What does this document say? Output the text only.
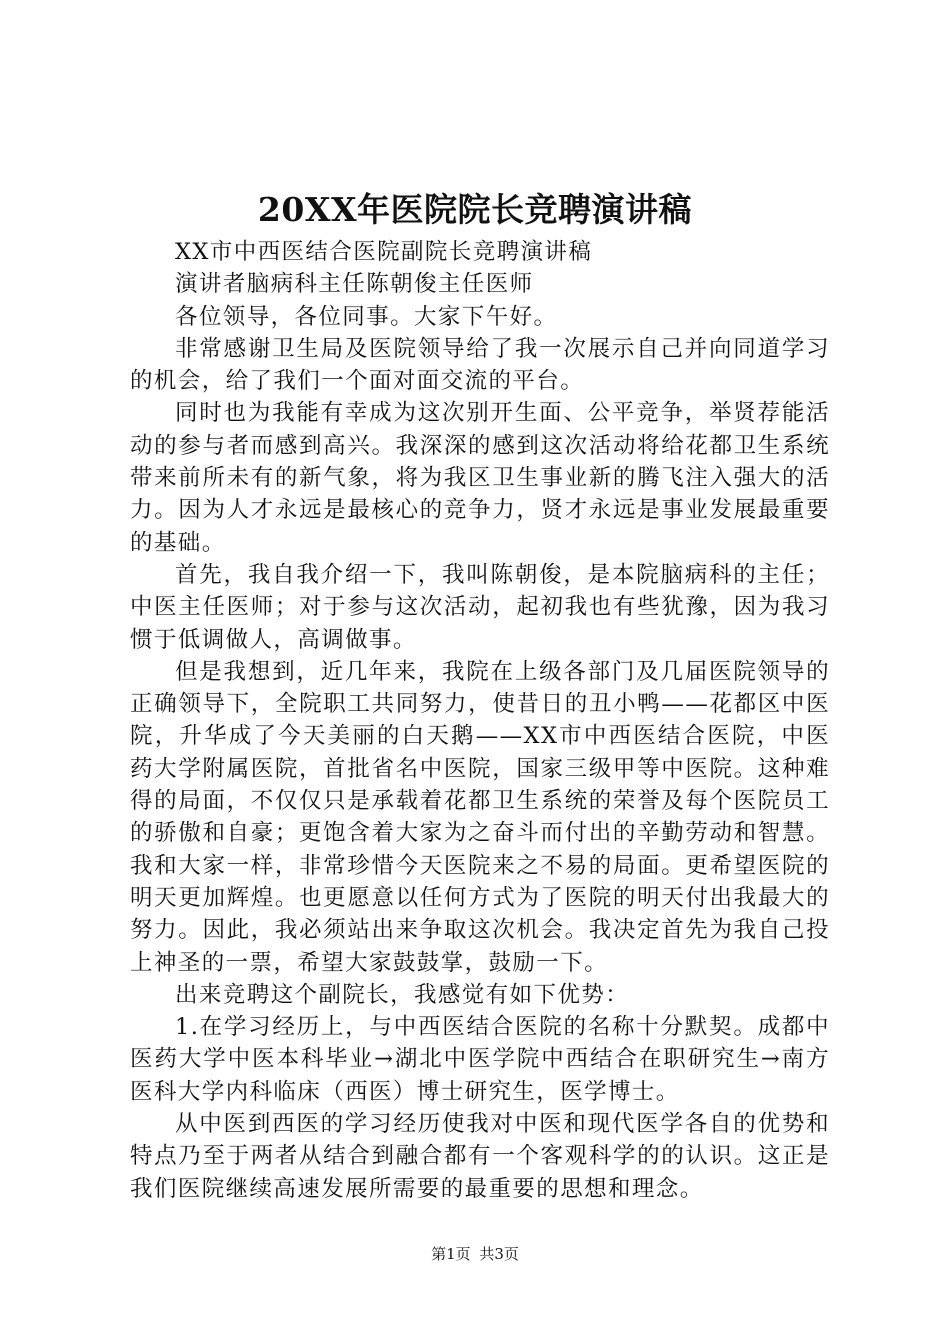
20XX年医院院长竞聘演讲稿

XX市中西医结合医院副院长竞聘演讲稿

演讲者脑病科主任陈朝俊主任医师

各位领导，各位同事。大家下午好。

非常感谢卫生局及医院领导给了我一次展示自己并向同道学习的机会，给了我们一个面对面交流的平台。

同时也为我能有幸成为这次别开生面、公平竞争，举贤荐能活动的参与者而感到高兴。我深深的感到这次活动将给花都卫生系统带来前所未有的新气象，将为我区卫生事业新的腾飞注入强大的活力。因为人才永远是最核心的竞争力，贤才永远是事业发展最重要的基础。

首先，我自我介绍一下，我叫陈朝俊，是本院脑病科的主任；中医主任医师；对于参与这次活动，起初我也有些犹豫，因为我习惯于低调做人，高调做事。

但是我想到，近几年来，我院在上级各部门及几届医院领导的正确领导下，全院职工共同努力，使昔日的丑小鸭——花都区中医院，升华成了今天美丽的白天鹅——XX市中西医结合医院，中医药大学附属医院，首批省名中医院，国家三级甲等中医院。这种难得的局面，不仅仅只是承载着花都卫生系统的荣誉及每个医院员工的骄傲和自豪；更饱含着大家为之奋斗而付出的辛勤劳动和智慧。我和大家一样，非常珍惜今天医院来之不易的局面。更希望医院的明天更加辉煌。也更愿意以任何方式为了医院的明天付出我最大的努力。因此，我必须站出来争取这次机会。我决定首先为我自己投上神圣的一票，希望大家鼓鼓掌，鼓励一下。

出来竞聘这个副院长，我感觉有如下优势：

1.在学习经历上，与中西医结合医院的名称十分默契。成都中医药大学中医本科毕业→湖北中医学院中西结合在职研究生→南方医科大学内科临床（西医）博士研究生，医学博士。

从中医到西医的学习经历使我对中医和现代医学各自的优势和特点乃至于两者从结合到融合都有一个客观科学的的认识。这正是我们医院继续高速发展所需要的最重要的思想和理念。

第1页 共3页
